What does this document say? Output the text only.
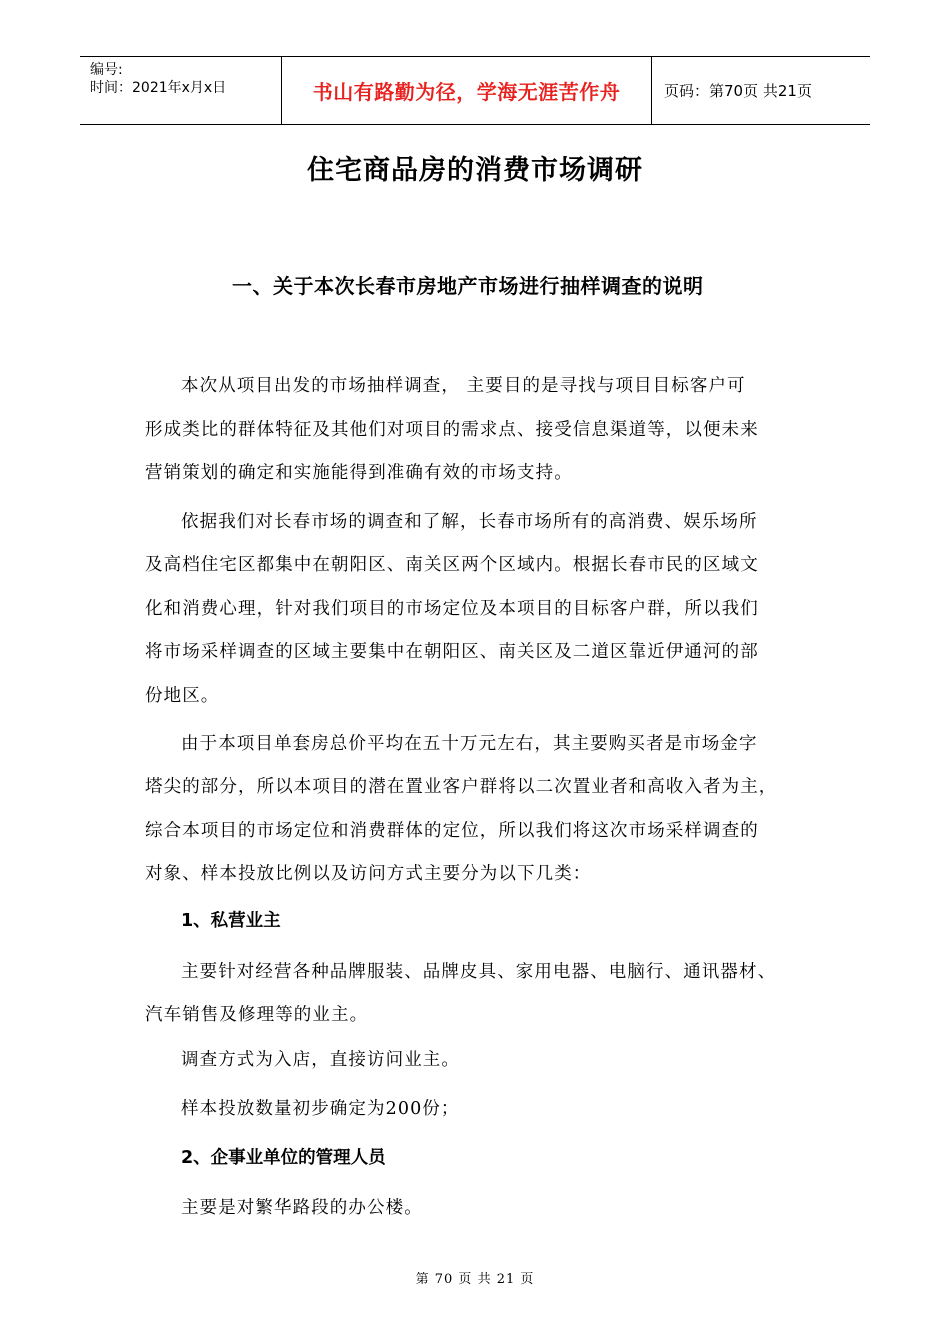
编号:
时间：2021年x月x日	书山有路勤为径，学海无涯苦作舟	页码：第70页 共21页
住宅商品房的消费市场调研
一、关于本次长春市房地产市场进行抽样调查的说明
本次从项目出发的市场抽样调查， 主要目的是寻找与项目目标客户可
形成类比的群体特征及其他们对项目的需求点、接受信息渠道等，以便未来
营销策划的确定和实施能得到准确有效的市场支持。
依据我们对长春市场的调查和了解，长春市场所有的高消费、娱乐场所
及高档住宅区都集中在朝阳区、南关区两个区域内。根据长春市民的区域文
化和消费心理，针对我们项目的市场定位及本项目的目标客户群，所以我们
将市场采样调查的区域主要集中在朝阳区、南关区及二道区靠近伊通河的部
份地区。
由于本项目单套房总价平均在五十万元左右，其主要购买者是市场金字
塔尖的部分，所以本项目的潜在置业客户群将以二次置业者和高收入者为主，
综合本项目的市场定位和消费群体的定位，所以我们将这次市场采样调查的
对象、样本投放比例以及访问方式主要分为以下几类：
1、私营业主
主要针对经营各种品牌服装、品牌皮具、家用电器、电脑行、通讯器材、
汽车销售及修理等的业主。
调查方式为入店，直接访问业主。
样本投放数量初步确定为200份；
2、企事业单位的管理人员
主要是对繁华路段的办公楼。
第 70 页 共 21 页
